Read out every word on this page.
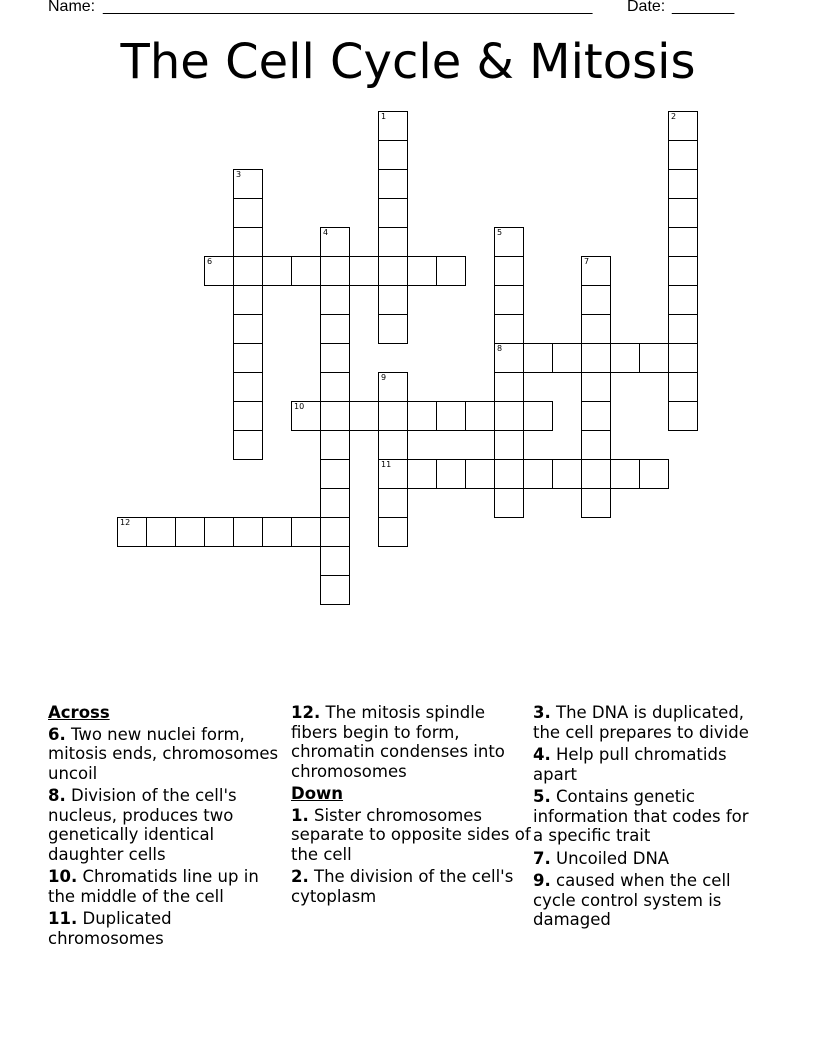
Name:

_______________________________________________________

Date:

_______

The Cell Cycle & Mitosis
1	2
3
4	5
8
6	7
9
11
10
12
Across
6. Two new nuclei form, mitosis ends, chromosomes uncoil
8. Division of the cell's nucleus, produces two genetically identical daughter cells
10. Chromatids line up in the middle of the cell
11. Duplicated chromosomes
12. The mitosis spindle fibers begin to form, chromatin condenses into chromosomes
Down
1. Sister chromosomes separate to opposite sides of the cell
2. The division of the cell's cytoplasm
3. The DNA is duplicated, the cell prepares to divide
4. Help pull chromatids apart
5. Contains genetic information that codes for a specific trait
7. Uncoiled DNA
9. caused when the cell cycle control system is damaged
